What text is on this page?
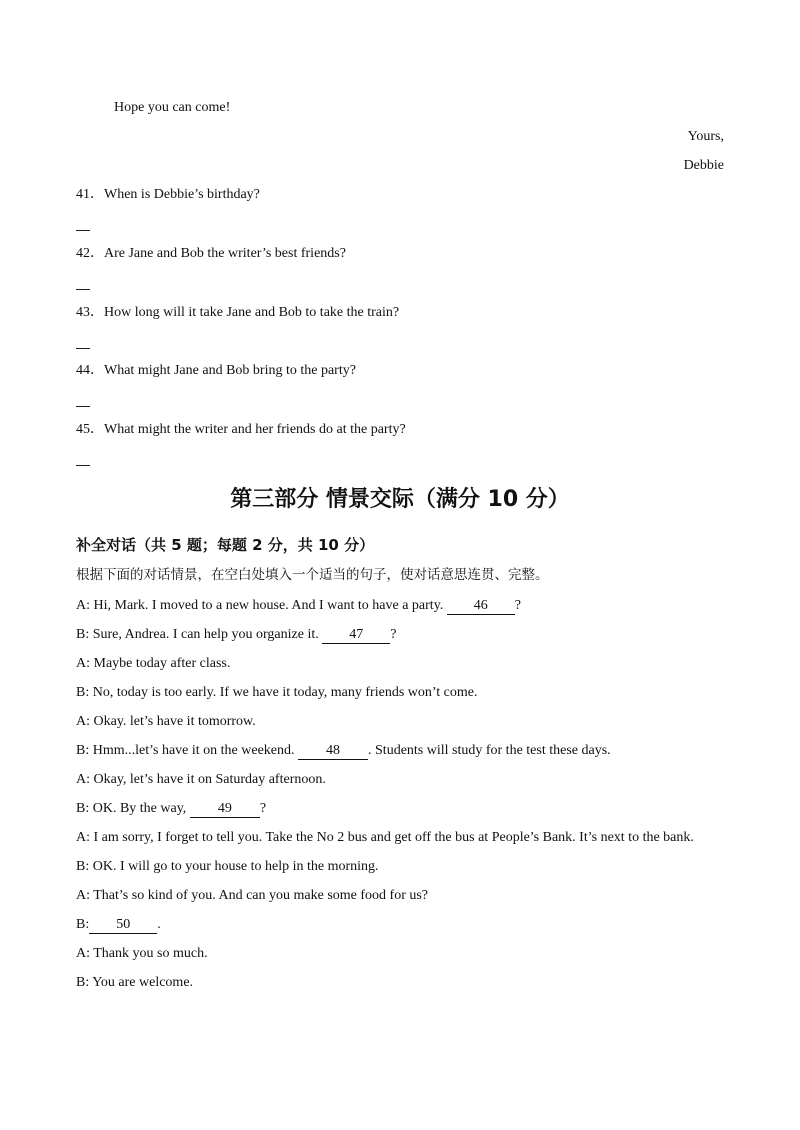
Hope you can come!
Yours,
Debbie
41．When is Debbie’s birthday?
42．Are Jane and Bob the writer’s best friends?
43．How long will it take Jane and Bob to take the train?
44．What might Jane and Bob bring to the party?
45．What might the writer and her friends do at the party?
第三部分 情景交际（满分 10 分）
补全对话（共 5 题；每题 2 分，共 10 分）
根据下面的对话情景，在空白处填入一个适当的句子，使对话意思连贯、完整。
A: Hi, Mark. I moved to a new house. And I want to have a party. 46 ?
B: Sure, Andrea. I can help you organize it. 47 ?
A: Maybe today after class.
B: No, today is too early. If we have it today, many friends won’t come.
A: Okay. let’s have it tomorrow.
B: Hmm...let’s have it on the weekend. 48 . Students will study for the test these days.
A: Okay, let’s have it on Saturday afternoon.
B: OK. By the way, 49 ?
A: I am sorry, I forget to tell you. Take the No 2 bus and get off the bus at People’s Bank. It’s next to the bank.
B: OK. I will go to your house to help in the morning.
A: That’s so kind of you. And can you make some food for us?
B: 50 .
A: Thank you so much.
B: You are welcome.
